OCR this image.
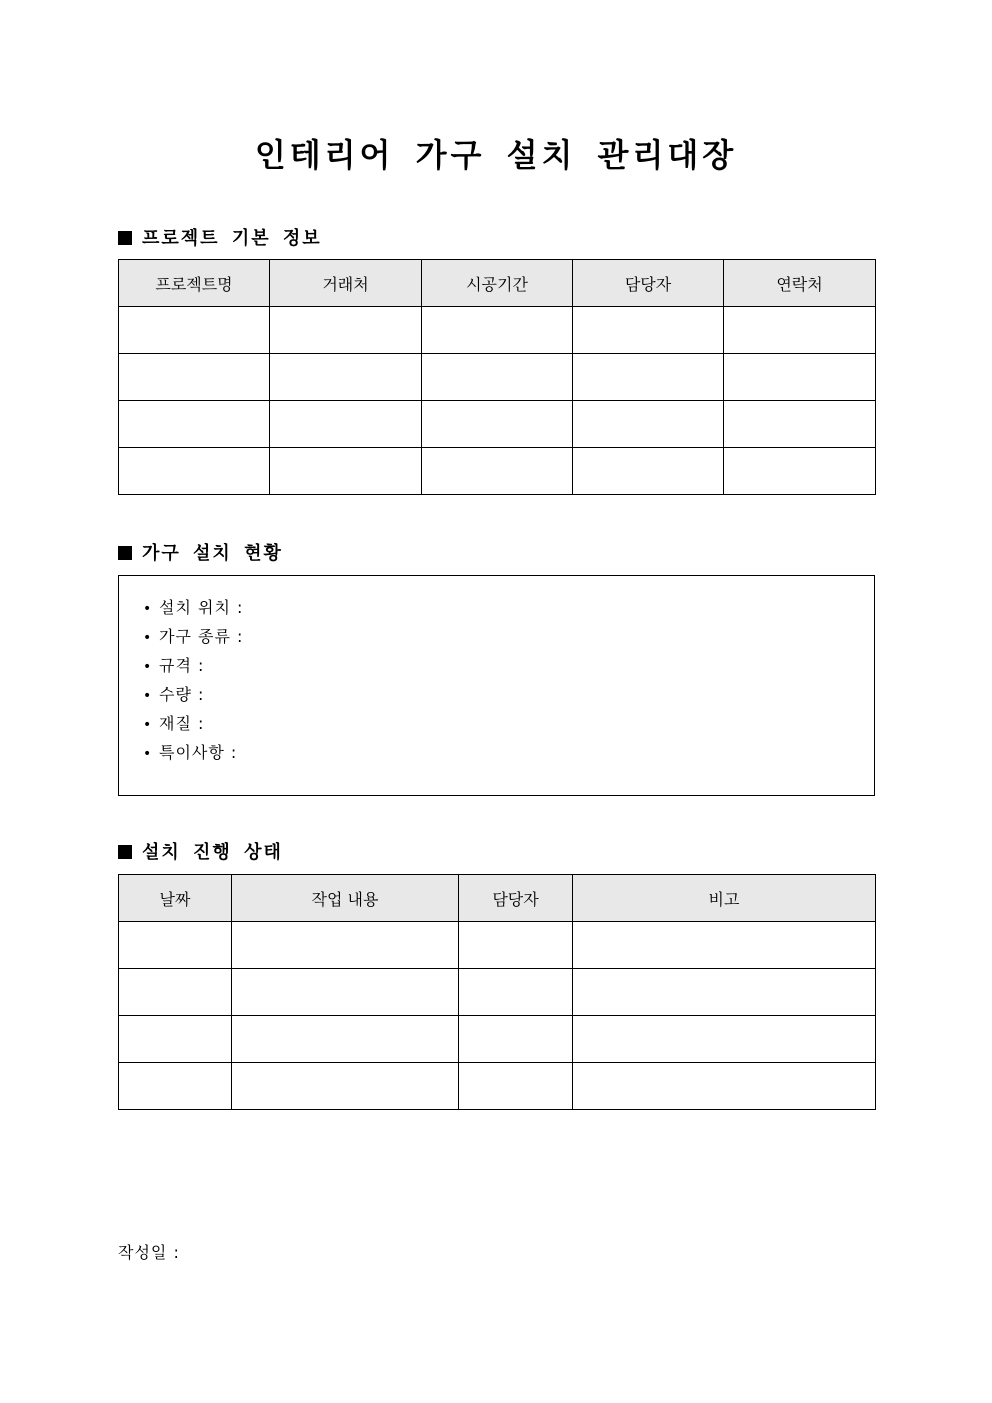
인테리어 가구 설치 관리대장
프로젝트 기본 정보
프로젝트명	거래처	시공기간	담당자	연락처

가구 설치 현황
• 설치 위치 :
• 가구 종류 :
• 규격 :
• 수량 :
• 재질 :
• 특이사항 :
설치 진행 상태
날짜	작업 내용	담당자	비고

작성일 :
